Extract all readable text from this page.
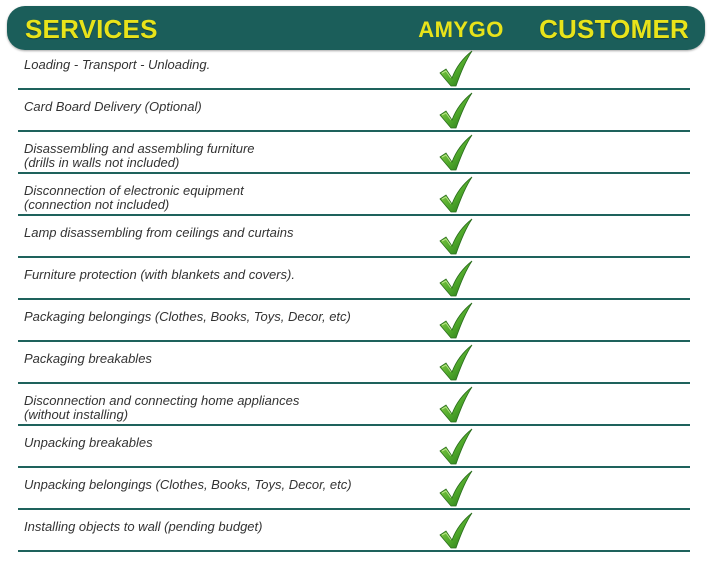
SERVICES	AMYGO CUSTOMER
Loading - Transport - Unloading.
Card Board Delivery (Optional)
Disassembling and assembling furniture
(drills in walls not included)
Disconnection of electronic equipment
(connection not included)
Lamp disassembling from ceilings and curtains
Furniture protection (with blankets and covers).
Packaging belongings (Clothes, Books, Toys, Decor, etc)
Packaging breakables
Disconnection and connecting home appliances
(without installing)
Unpacking breakables
Unpacking belongings (Clothes, Books, Toys, Decor, etc)
Installing objects to wall (pending budget)
